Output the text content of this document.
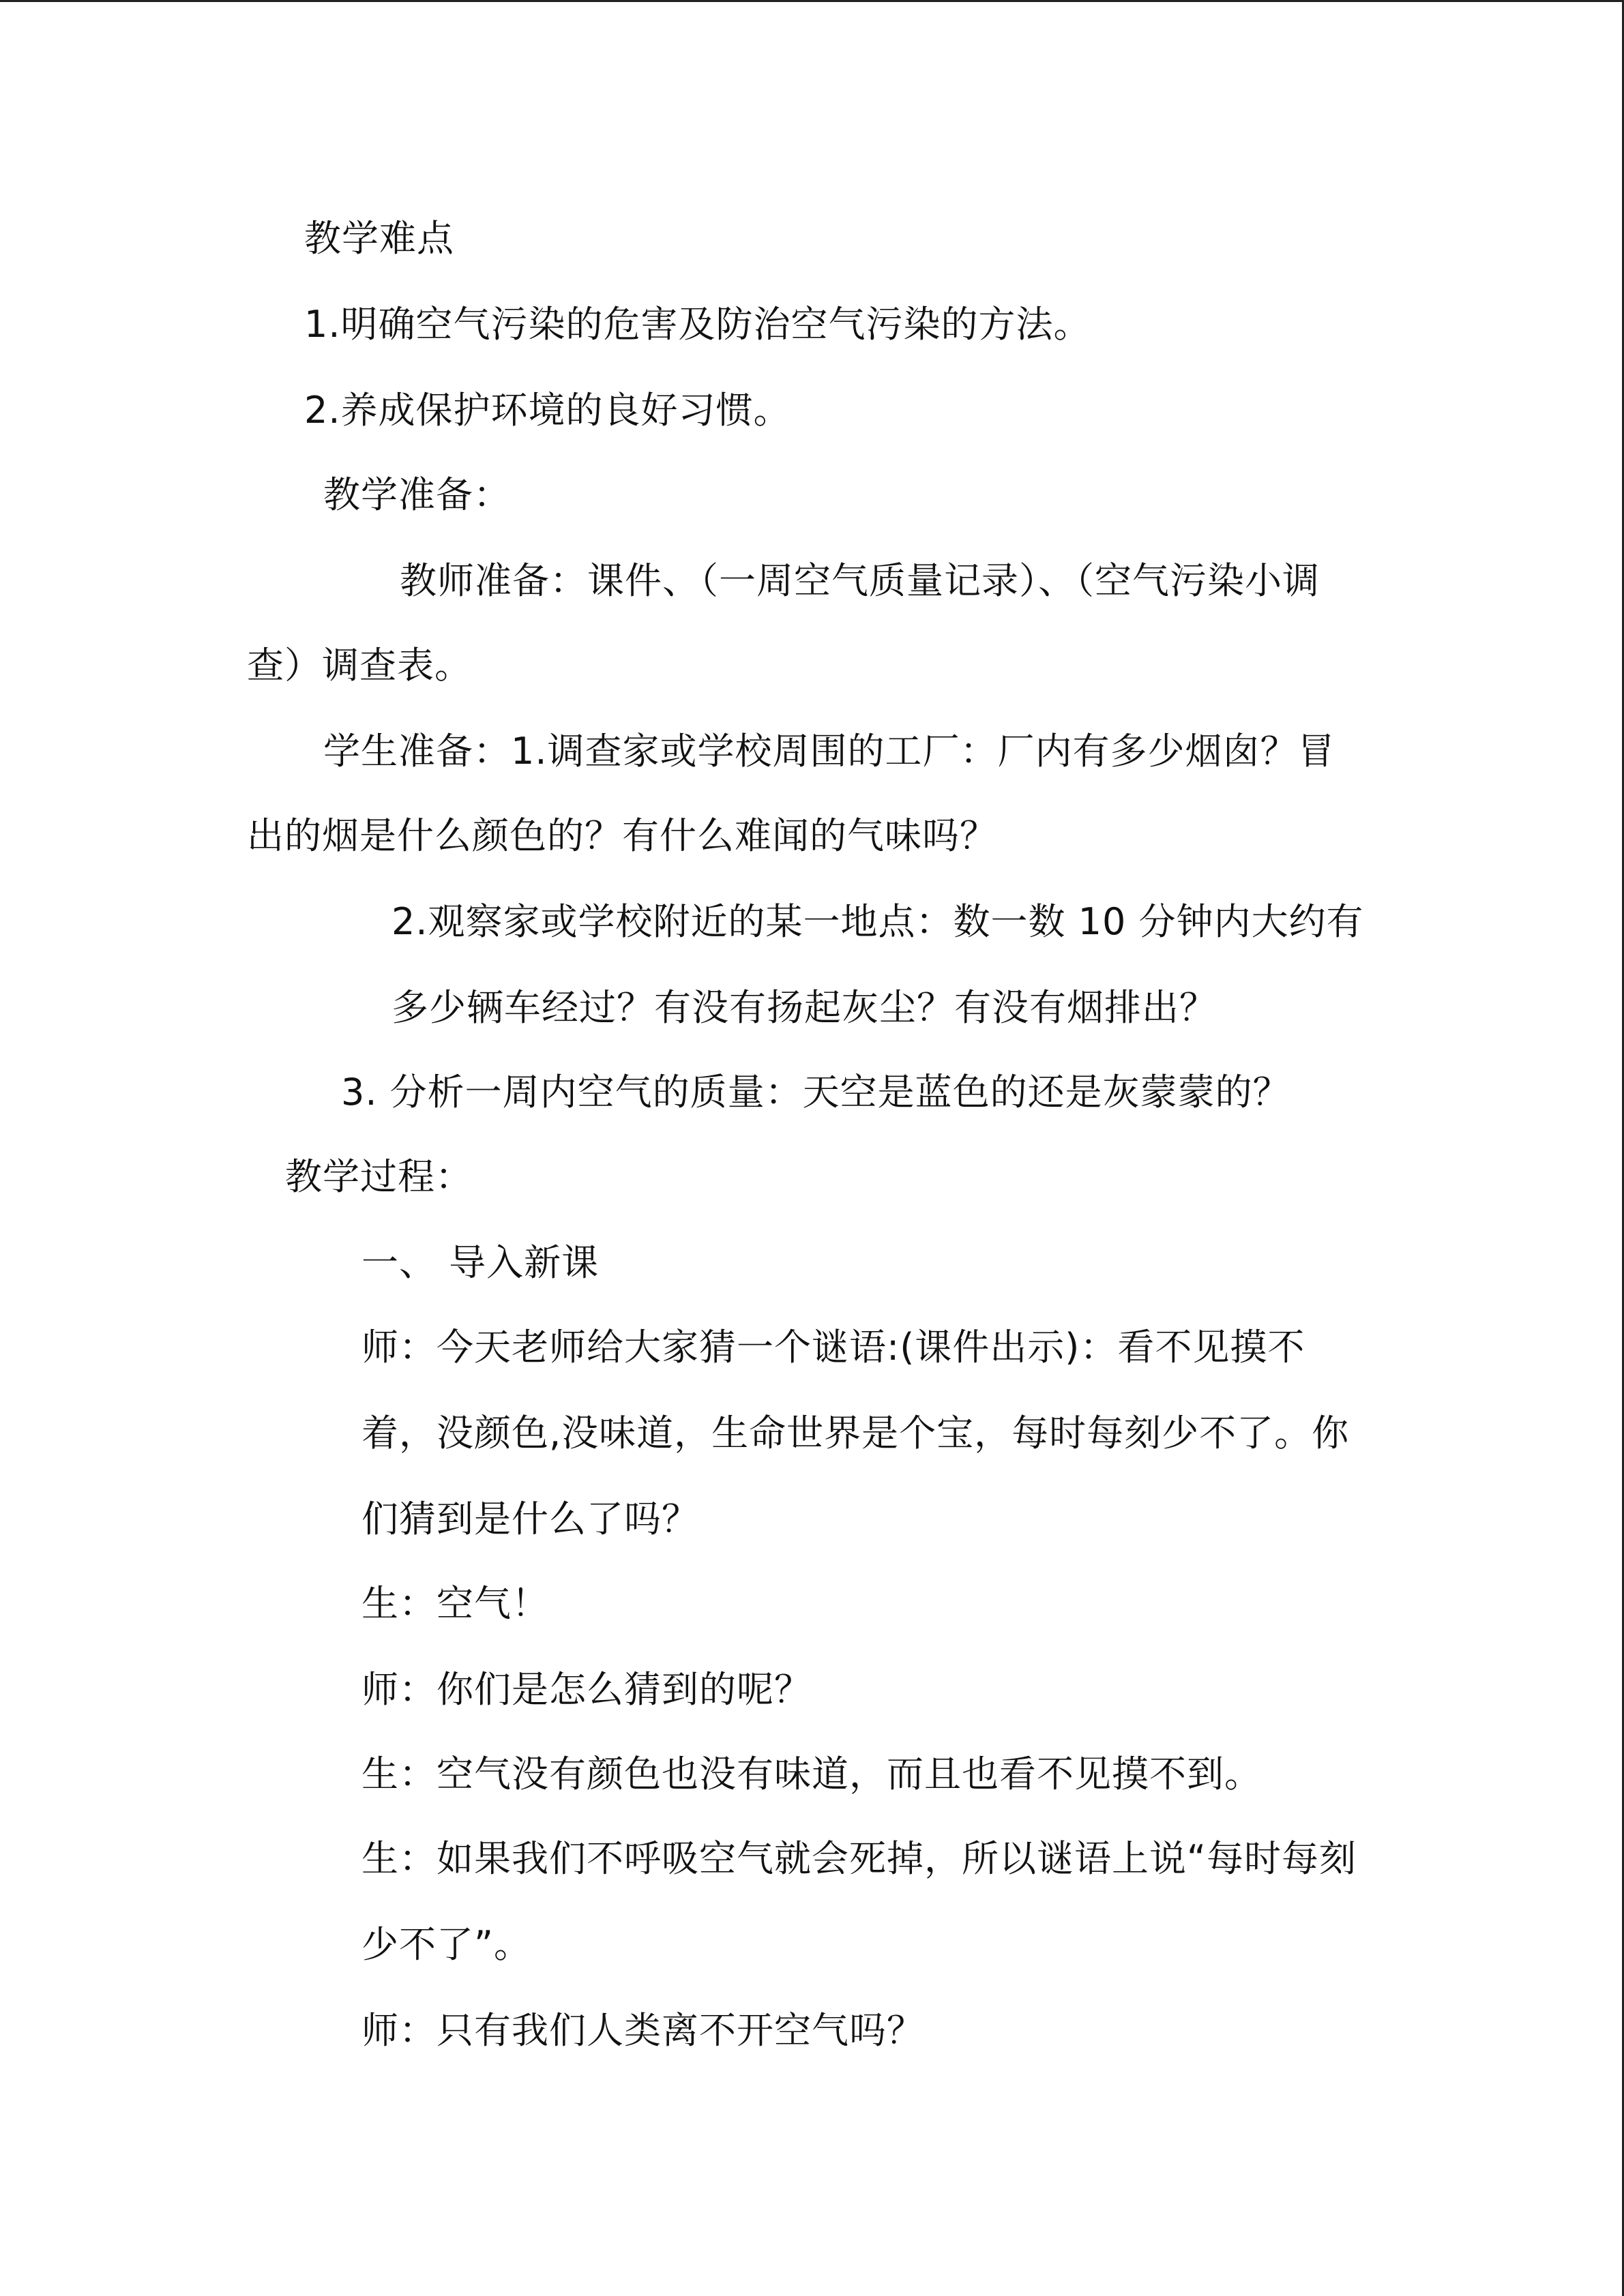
教学难点

1.明确空气污染的危害及防治空气污染的方法。

2.养成保护环境的良好习惯。

教学准备：

教师准备：课件、（一周空气质量记录）、（空气污染小调

查）调查表。

学生准备：1.调查家或学校周围的工厂：厂内有多少烟囱？冒

出的烟是什么颜色的？有什么难闻的气味吗？

2.观察家或学校附近的某一地点：数一数 10 分钟内大约有

多少辆车经过？有没有扬起灰尘？有没有烟排出？

3. 分析一周内空气的质量：天空是蓝色的还是灰蒙蒙的？

教学过程：

一、 导入新课

师：今天老师给大家猜一个谜语:(课件出示)：看不见摸不

着，没颜色,没味道，生命世界是个宝，每时每刻少不了。你

们猜到是什么了吗？

生：空气！

师：你们是怎么猜到的呢？

生：空气没有颜色也没有味道，而且也看不见摸不到。

生：如果我们不呼吸空气就会死掉，所以谜语上说“每时每刻

少不了”。

师：只有我们人类离不开空气吗？
